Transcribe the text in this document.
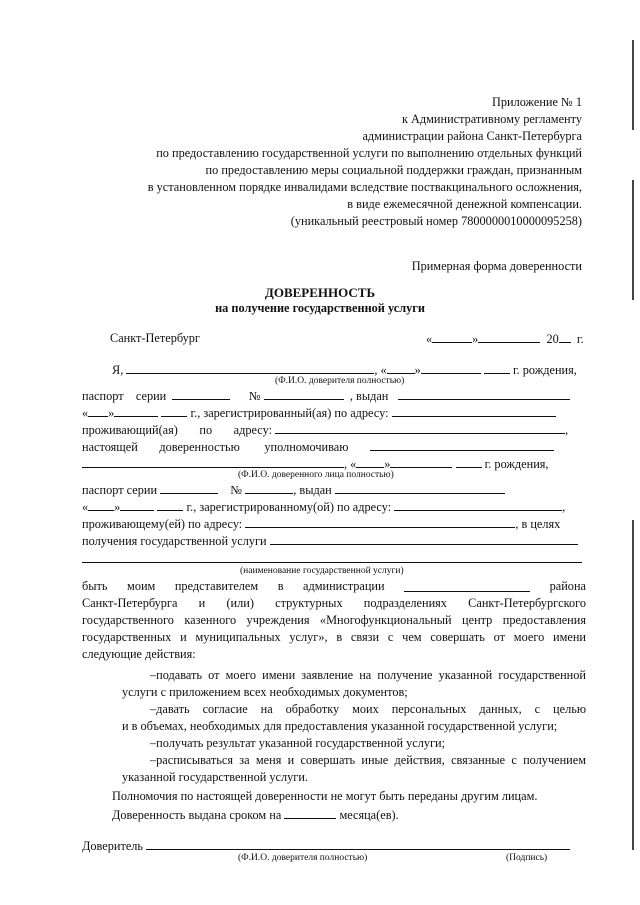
Приложение № 1
к Административному регламенту
администрации района Санкт-Петербурга
по предоставлению государственной услуги по выполнению отдельных функций
по предоставлению меры социальной поддержки граждан, признанным
в установленном порядке инвалидами вследствие поствакцинального осложнения,
в виде ежемесячной денежной компенсации.
(уникальный реестровый номер 7800000010000095258)
Примерная форма доверенности
ДОВЕРЕННОСТЬ
на получение государственной услуги
Санкт-Петербург	«	»	20 г.
Я,	, « »	г. рождения,
(Ф.И.О. доверителя полностью)
паспорт серии	№	, выдан
« »	г., зарегистрированный(ая) по адресу:
проживающий(ая) по адресу:	,
настоящей доверенностью уполномочиваю
, « »	г. рождения,
(Ф.И.О. доверенного лица полностью)
паспорт серии	№	, выдан
« »	г., зарегистрированному(ой) по адресу:	,
проживающему(ей) по адресу:	, в целях
получения государственной услуги
(наименование государственной услуги)
быть моим представителем в администрации	района
Санкт-Петербурга и (или) структурных подразделениях Санкт-Петербургского
государственного казенного учреждения «Многофункциональный центр предоставления
государственных и муниципальных услуг», в связи с чем совершать от моего имени
следующие действия:
–подавать от моего имени заявление на получение указанной государственной
услуги с приложением всех необходимых документов;
–давать согласие на обработку моих персональных данных, с целью
и в объемах, необходимых для предоставления указанной государственной услуги;
–получать результат указанной государственной услуги;
–расписываться за меня и совершать иные действия, связанные с получением
указанной государственной услуги.
Полномочия по настоящей доверенности не могут быть переданы другим лицам.
Доверенность выдана сроком на	месяца(ев).
Доверитель
(Ф.И.О. доверителя полностью)	(Подпись)
